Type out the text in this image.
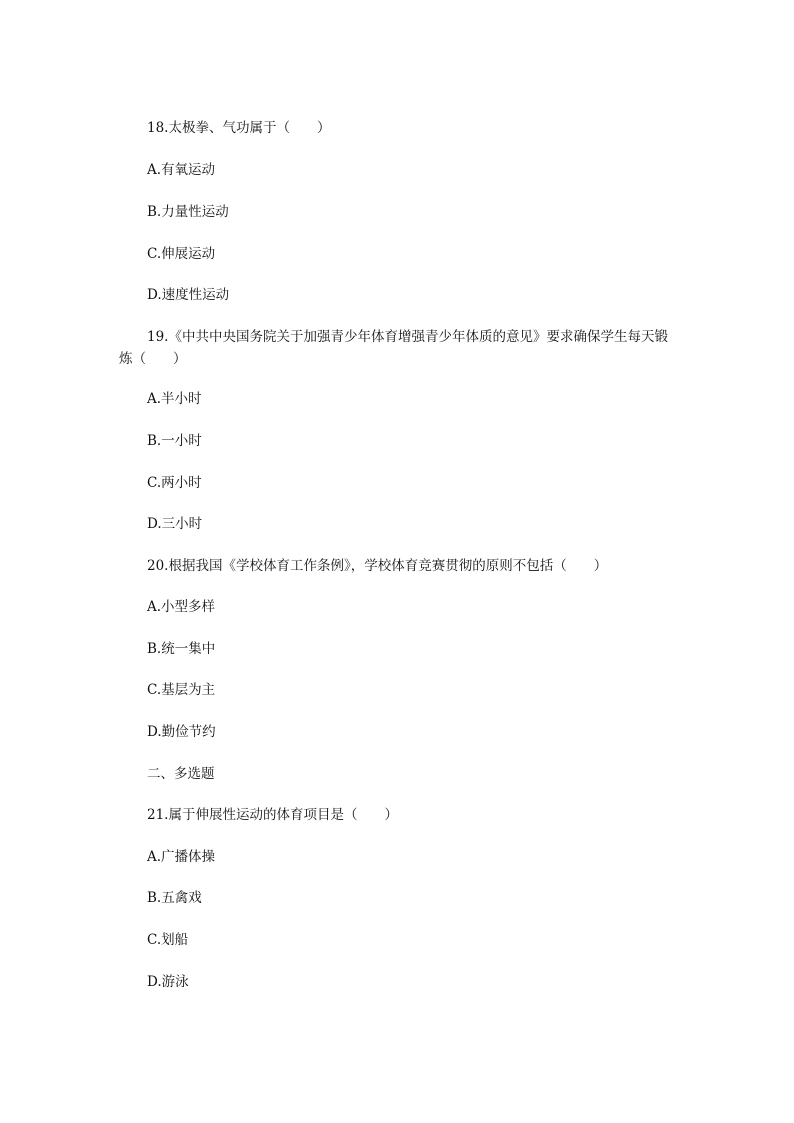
18.太极拳、气功属于（　　）
A.有氧运动
B.力量性运动
C.伸展运动
D.速度性运动
19.《中共中央国务院关于加强青少年体育增强青少年体质的意见》要求确保学生每天锻炼（　　）
A.半小时
B.一小时
C.两小时
D.三小时
20.根据我国《学校体育工作条例》，学校体育竞赛贯彻的原则不包括（　　）
A.小型多样
B.统一集中
C.基层为主
D.勤俭节约
二、多选题
21.属于伸展性运动的体育项目是（　　）
A.广播体操
B.五禽戏
C.划船
D.游泳
